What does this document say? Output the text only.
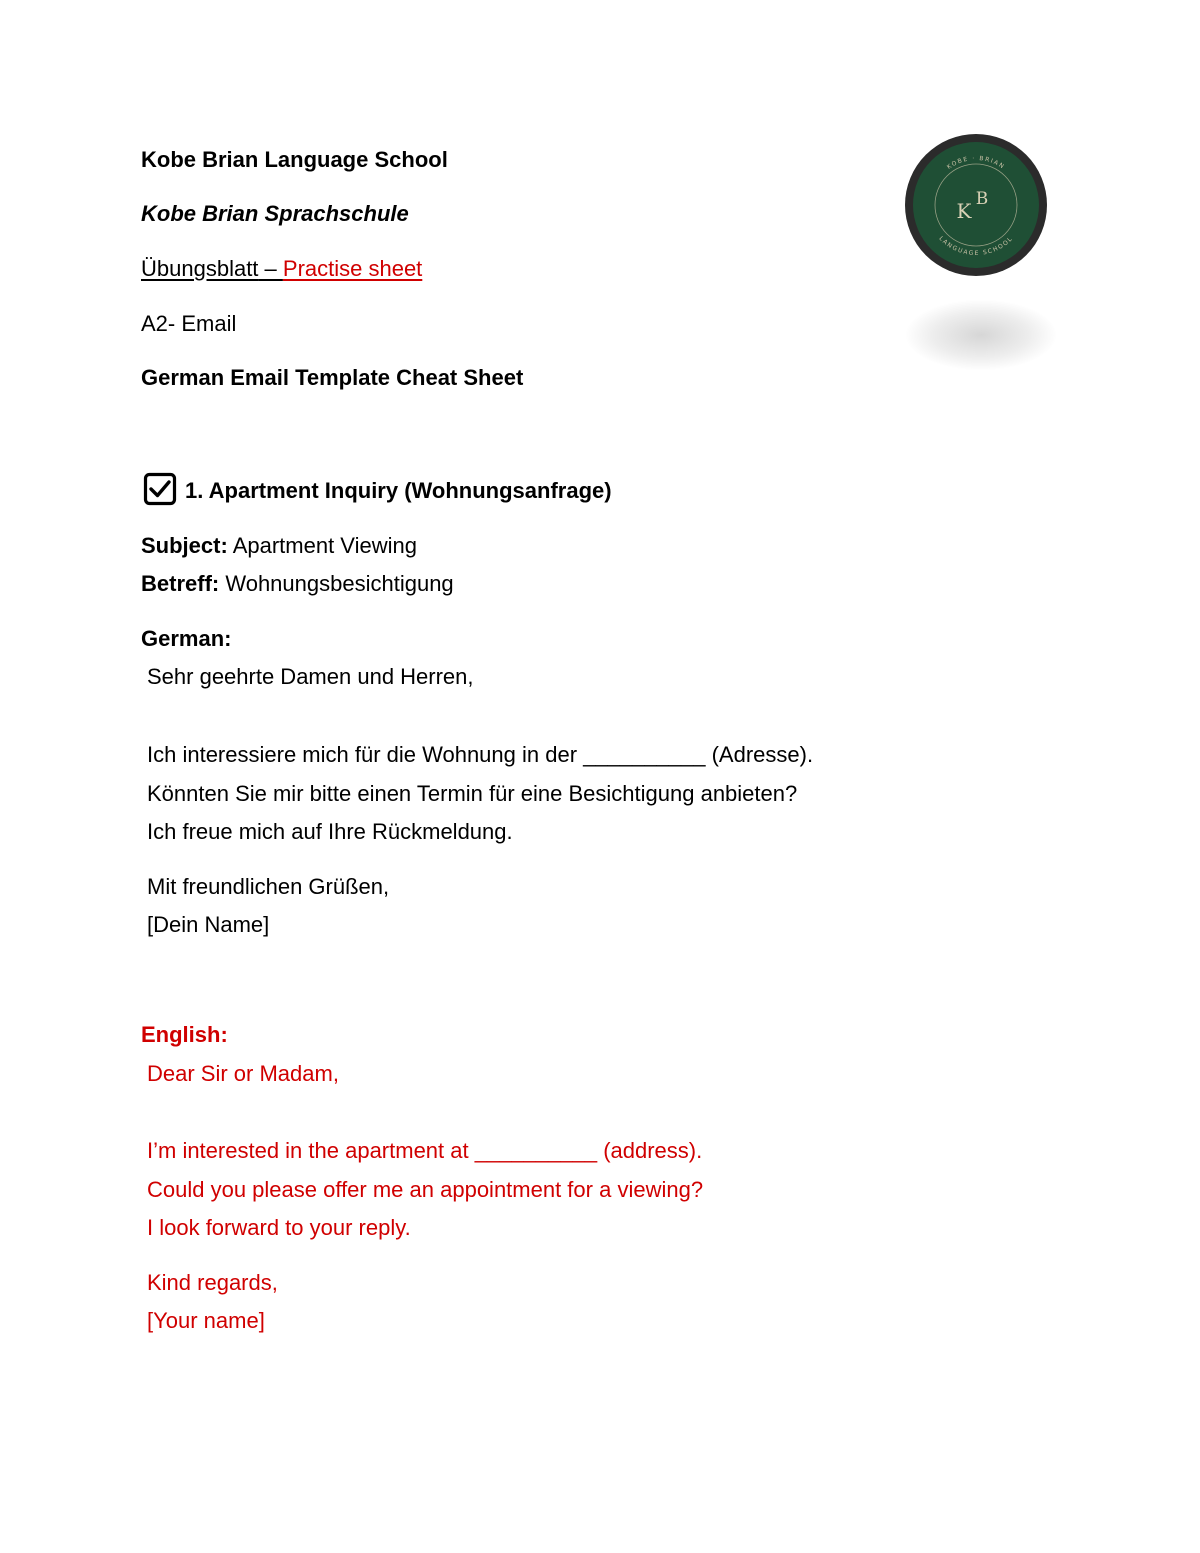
Kobe Brian Language School
Kobe Brian Sprachschule
Übungsblatt – Practise sheet
A2- Email
German Email Template Cheat Sheet
KOBE · BRIAN
LANGUAGE SCHOOL
K B
1. Apartment Inquiry (Wohnungsanfrage)
Subject: Apartment Viewing
Betreff: Wohnungsbesichtigung
German:
Sehr geehrte Damen und Herren,
Ich interessiere mich für die Wohnung in der __________ (Adresse).
Könnten Sie mir bitte einen Termin für eine Besichtigung anbieten?
Ich freue mich auf Ihre Rückmeldung.
Mit freundlichen Grüßen,
[Dein Name]
English:
Dear Sir or Madam,
I’m interested in the apartment at __________ (address).
Could you please offer me an appointment for a viewing?
I look forward to your reply.
Kind regards,
[Your name]
